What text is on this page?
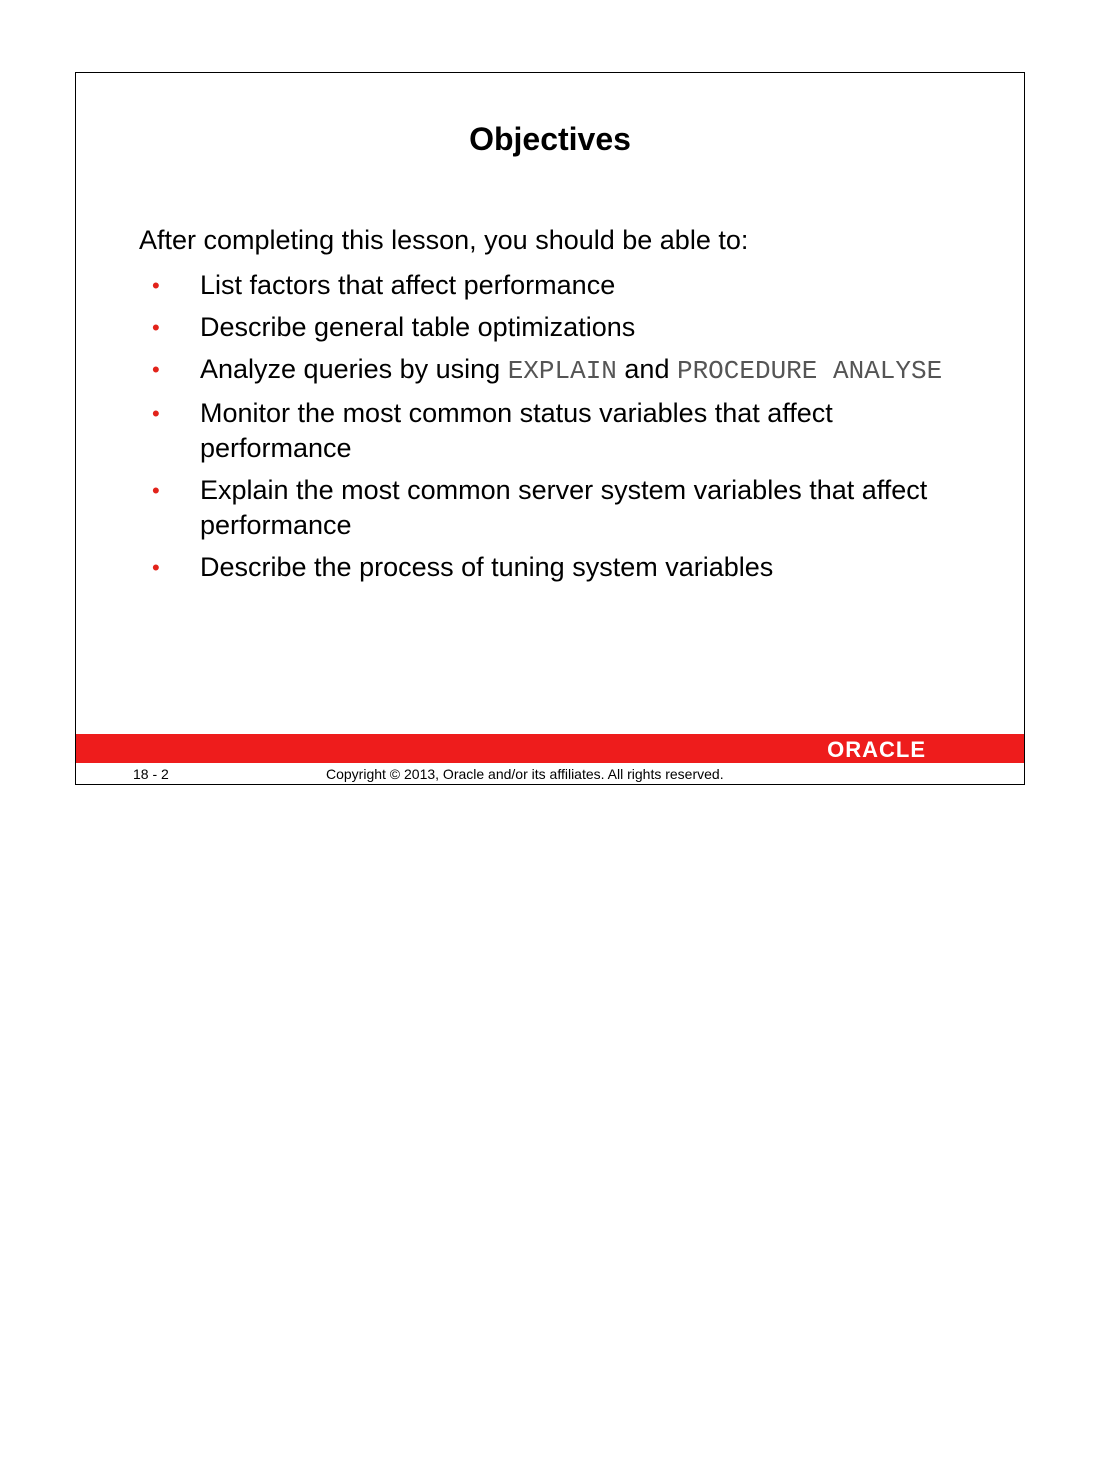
Objectives
After completing this lesson, you should be able to:
• List factors that affect performance
• Describe general table optimizations
• Analyze queries by using EXPLAIN and PROCEDURE ANALYSE
• Monitor the most common status variables that affect performance
• Explain the most common server system variables that affect performance
• Describe the process of tuning system variables
ORACLE
18 - 2	Copyright © 2013, Oracle and/or its affiliates. All rights reserved.
